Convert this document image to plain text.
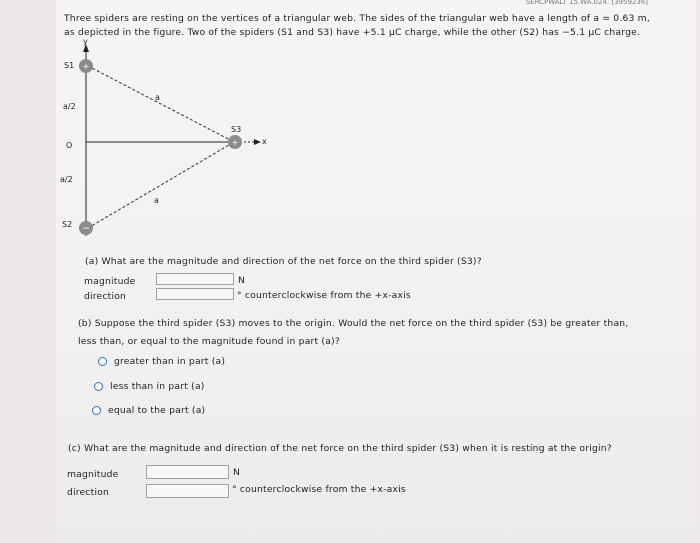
SERCPWALT 15.WA.024. [3959236]
Three spiders are resting on the vertices of a triangular web. The sides of the triangular web have a length of a = 0.63 m,
as depicted in the figure. Two of the spiders (S1 and S3) have +5.1 μC charge, while the other (S2) has −5.1 μC charge.
+
−
+
y
x
S1
S2
S3
a/2
O
a/2
a
a
(a) What are the magnitude and direction of the net force on the third spider (S3)?
magnitude	N
direction	° counterclockwise from the +x-axis
(b) Suppose the third spider (S3) moves to the origin. Would the net force on the third spider (S3) be greater than,
less than, or equal to the magnitude found in part (a)?
greater than in part (a)
less than in part (a)
equal to the part (a)
(c) What are the magnitude and direction of the net force on the third spider (S3) when it is resting at the origin?
magnitude	N
direction	° counterclockwise from the +x-axis
